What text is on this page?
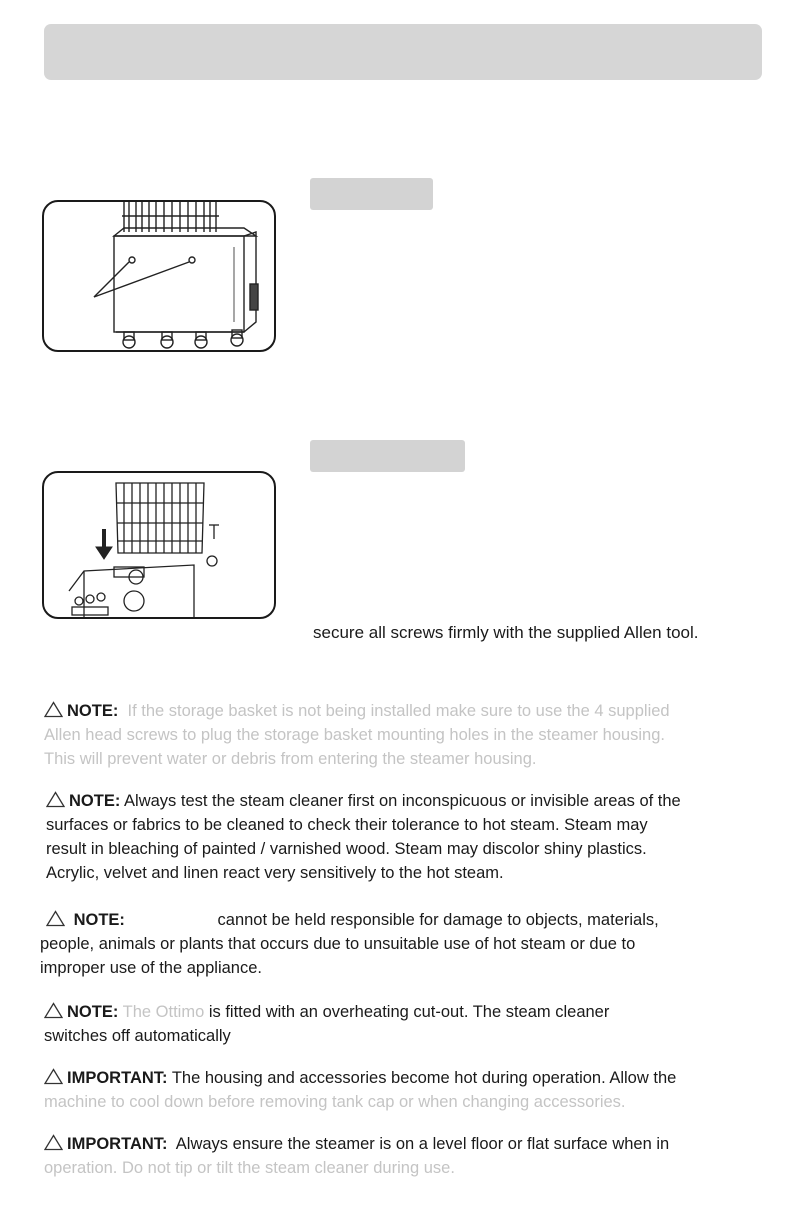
secure all screws firmly with the supplied Allen tool.
NOTE: If the storage basket is not being installed make sure to use the 4 supplied
Allen head screws to plug the storage basket mounting holes in the steamer housing.
This will prevent water or debris from entering the steamer housing.
NOTE: Always test the steam cleaner first on inconspicuous or invisible areas of the
surfaces or fabrics to be cleaned to check their tolerance to hot steam. Steam may
result in bleaching of painted / varnished wood. Steam may discolor shiny plastics.
Acrylic, velvet and linen react very sensitively to the hot steam.
NOTE:	cannot be held responsible for damage to objects, materials,
people, animals or plants that occurs due to unsuitable use of hot steam or due to
improper use of the appliance.
NOTE: The Ottimo is fitted with an overheating cut-out. The steam cleaner
switches off automatically
IMPORTANT: The housing and accessories become hot during operation. Allow the
machine to cool down before removing tank cap or when changing accessories.
IMPORTANT: Always ensure the steamer is on a level floor or flat surface when in
operation. Do not tip or tilt the steam cleaner during use.
